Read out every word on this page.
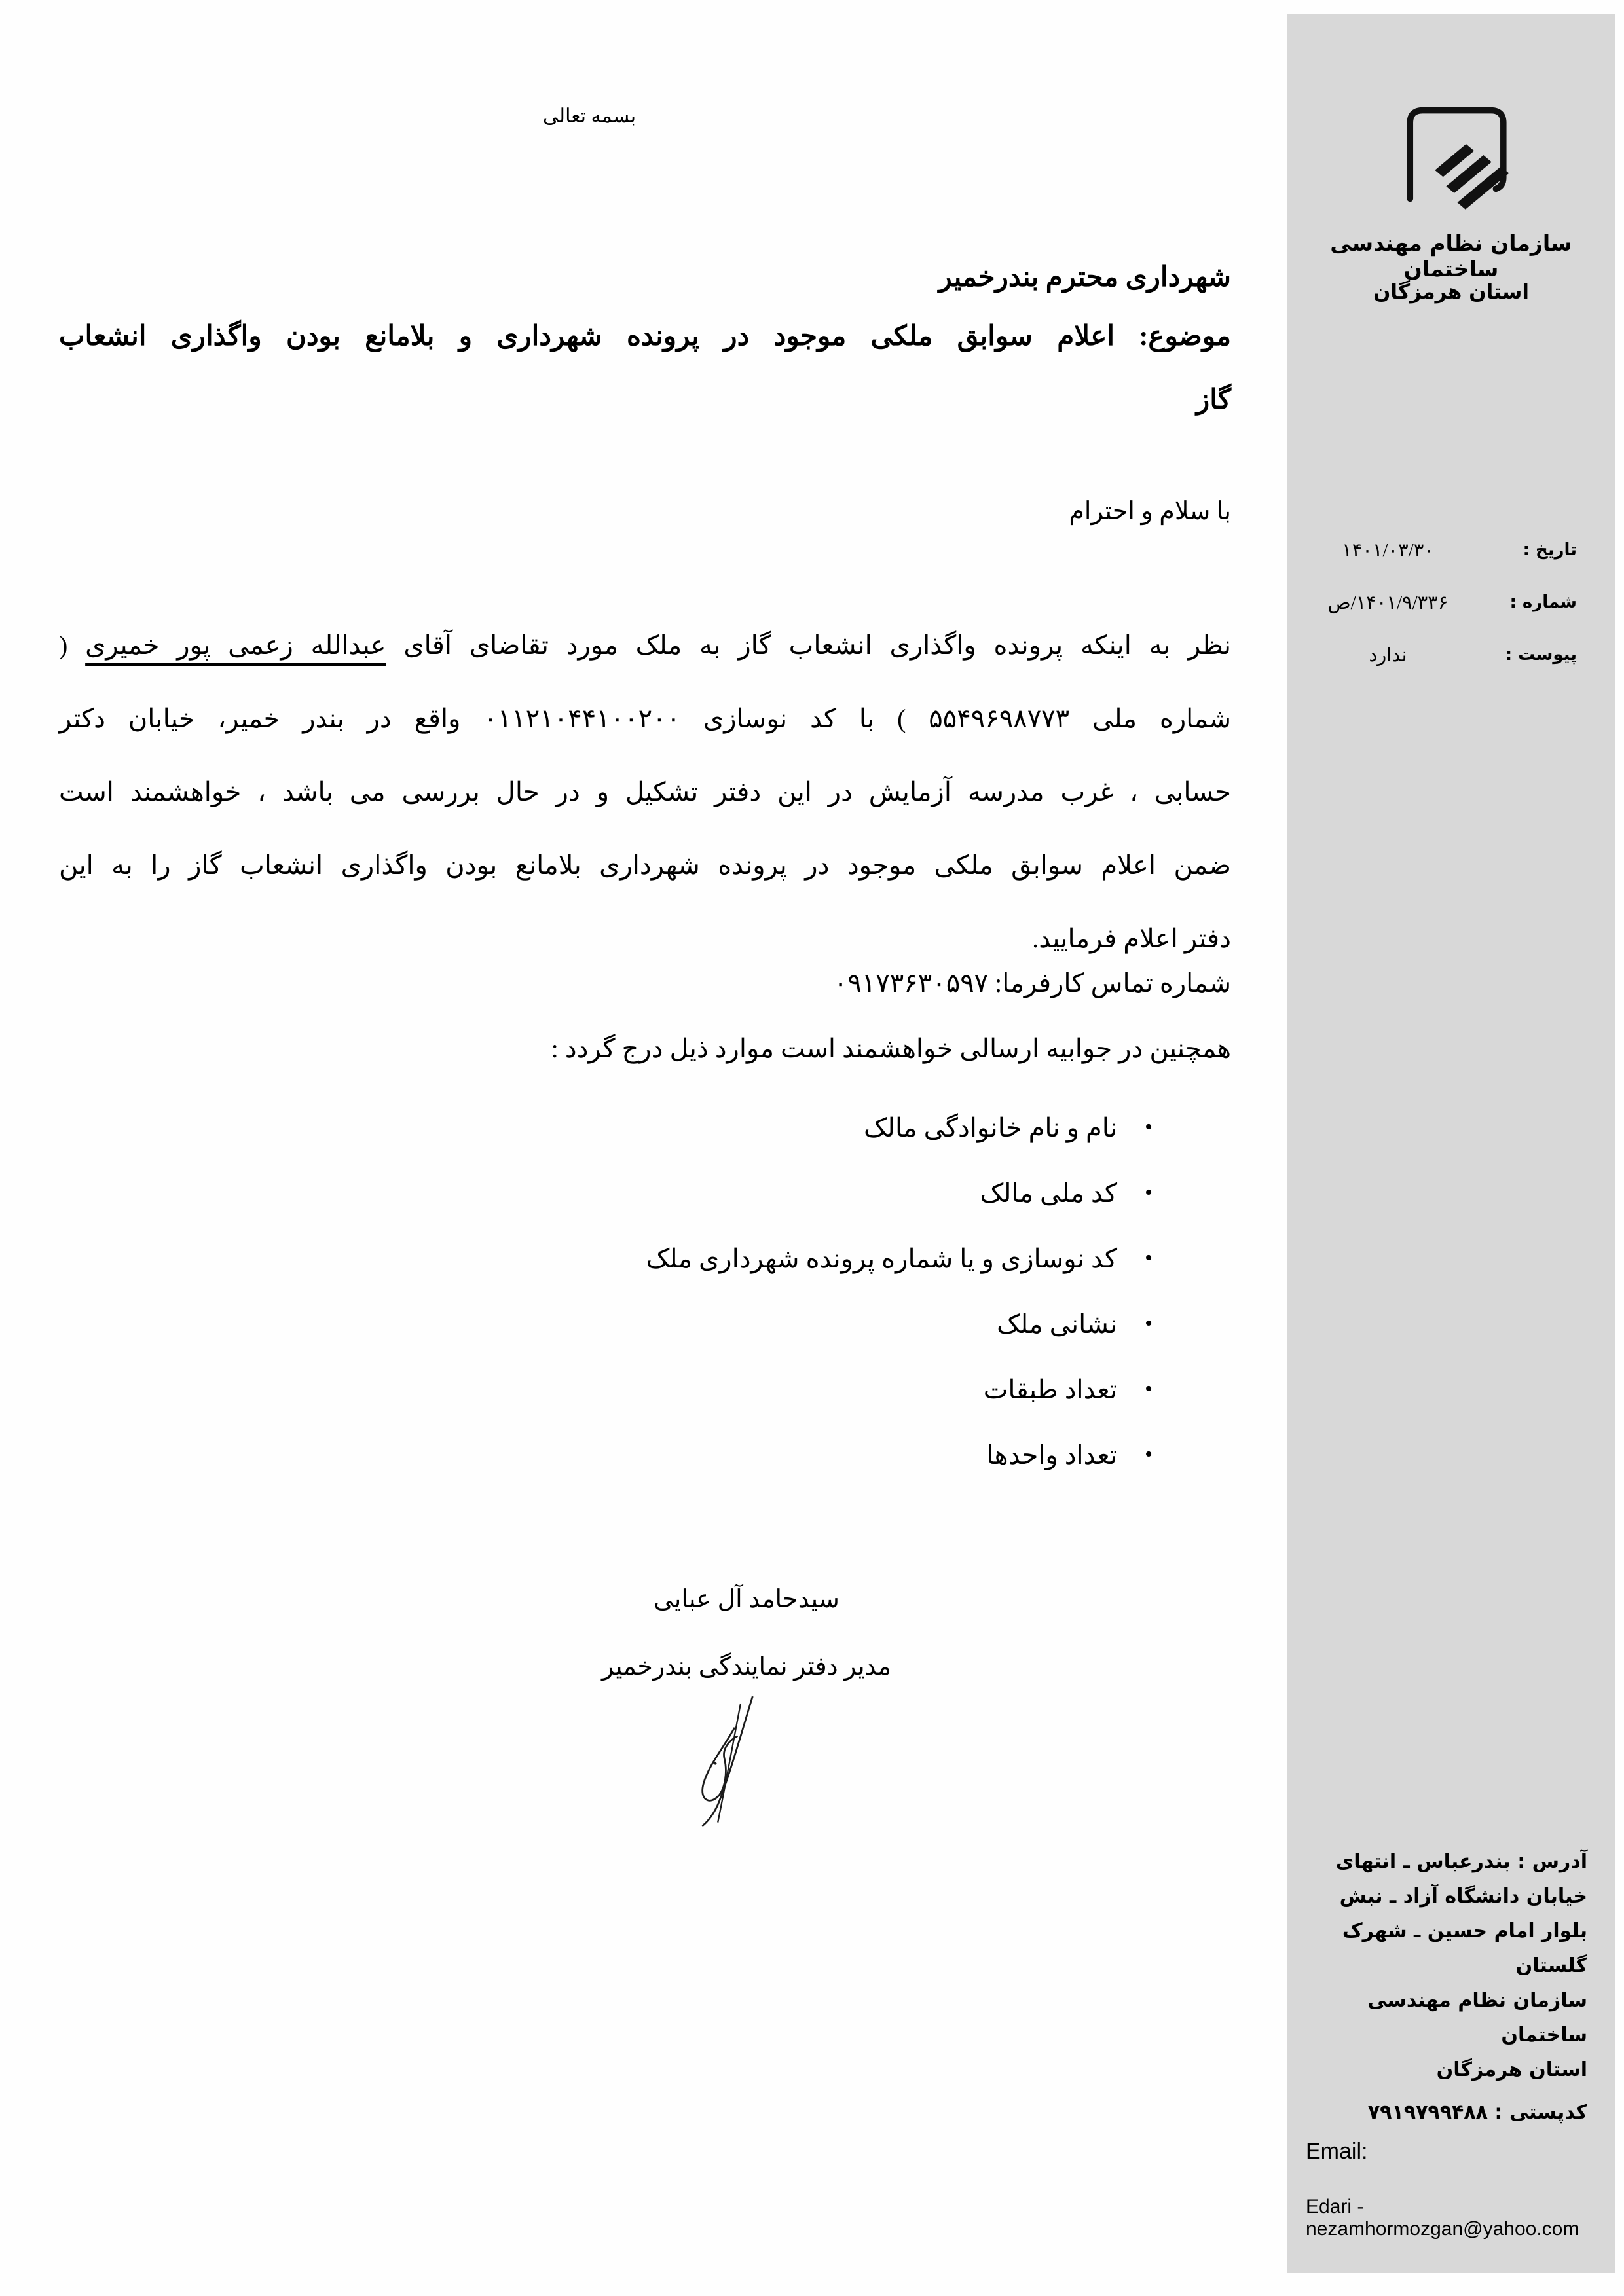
بسمه تعالی
شهرداری محترم بندرخمیر
موضوع: اعلام سوابق ملکی موجود در پرونده شهرداری و بلامانع بودن واگذاری انشعاب
گاز
با سلام و احترام
نظر به اینکه پرونده واگذاری انشعاب گاز به ملک مورد تقاضای آقای عبدالله زعمی پور خمیری (
شماره ملی ۵۵۴۹۶۹۸۷۷۳ ) با کد نوسازی ۰۱۱۲۱۰۴۴۱۰۰۲۰۰ واقع در بندر خمیر، خیابان دکتر
حسابی ، غرب مدرسه آزمایش در این دفتر تشکیل و در حال بررسی می باشد ، خواهشمند است
ضمن اعلام سوابق ملکی موجود در پرونده شهرداری بلامانع بودن واگذاری انشعاب گاز را به این
دفتر اعلام فرمایید.
شماره تماس کارفرما: ۰۹۱۷۳۶۳۰۵۹۷
همچنین در جوابیه ارسالی خواهشمند است موارد ذیل درج گردد :
•
نام و نام خانوادگی مالک
•
کد ملی مالک
•
کد نوسازی و یا شماره پرونده شهرداری ملک
•
نشانی ملک
•
تعداد طبقات
•
تعداد واحدها
سیدحامد آل عبایی
مدیر دفتر نمایندگی بندرخمیر
سازمان نظام مهندسی ساختمان
استان هرمزگان
تاریخ :
۱۴۰۱/۰۳/۳۰
شماره :
۱۴۰۱/۹/۳۳۶/ص
پیوست :
ندارد
آدرس : بندرعباس ـ انتهای
خیابان دانشگاه آزاد ـ نبش
بلوار امام حسین ـ شهرک
گلستان
سازمان نظام مهندسی ساختمان
استان هرمزگان
کدپستی : ۷۹۱۹۷۹۹۴۸۸
Email:
Edari - nezamhormozgan@yahoo.com
